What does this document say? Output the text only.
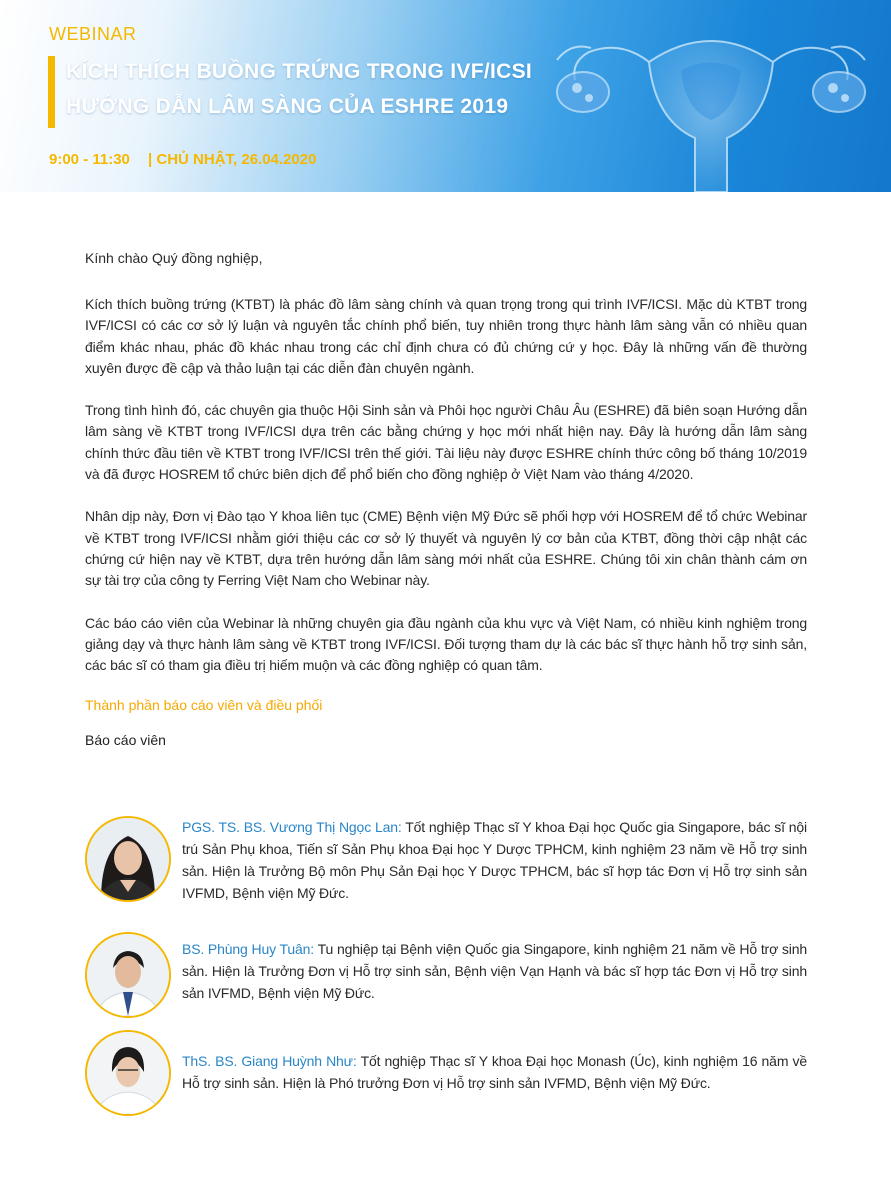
WEBINAR
KÍCH THÍCH BUỒNG TRỨNG TRONG IVF/ICSI
HƯỚNG DẪN LÂM SÀNG CỦA ESHRE 2019
9:00 - 11:30 | CHỦ NHẬT, 26.04.2020

Kính chào Quý đồng nghiệp,

Kích thích buồng trứng (KTBT) là phác đồ lâm sàng chính và quan trọng trong qui trình IVF/ICSI. Mặc dù KTBT trong IVF/ICSI có các cơ sở lý luận và nguyên tắc chính phổ biến, tuy nhiên trong thực hành lâm sàng vẫn có nhiều quan điểm khác nhau, phác đồ khác nhau trong các chỉ định chưa có đủ chứng cứ y học. Đây là những vấn đề thường xuyên được đề cập và thảo luận tại các diễn đàn chuyên ngành.

Trong tình hình đó, các chuyên gia thuộc Hội Sinh sản và Phôi học người Châu Âu (ESHRE) đã biên soạn Hướng dẫn lâm sàng về KTBT trong IVF/ICSI dựa trên các bằng chứng y học mới nhất hiện nay. Đây là hướng dẫn lâm sàng chính thức đầu tiên về KTBT trong IVF/ICSI trên thế giới. Tài liệu này được ESHRE chính thức công bố tháng 10/2019 và đã được HOSREM tổ chức biên dịch để phổ biến cho đồng nghiệp ở Việt Nam vào tháng 4/2020.

Nhân dịp này, Đơn vị Đào tạo Y khoa liên tục (CME) Bệnh viện Mỹ Đức sẽ phối hợp với HOSREM để tổ chức Webinar về KTBT trong IVF/ICSI nhằm giới thiệu các cơ sở lý thuyết và nguyên lý cơ bản của KTBT, đồng thời cập nhật các chứng cứ hiện nay về KTBT, dựa trên hướng dẫn lâm sàng mới nhất của ESHRE. Chúng tôi xin chân thành cám ơn sự tài trợ của công ty Ferring Việt Nam cho Webinar này.

Các báo cáo viên của Webinar là những chuyên gia đầu ngành của khu vực và Việt Nam, có nhiều kinh nghiệm trong giảng dạy và thực hành lâm sàng về KTBT trong IVF/ICSI. Đối tượng tham dự là các bác sĩ thực hành hỗ trợ sinh sản, các bác sĩ có tham gia điều trị hiếm muộn và các đồng nghiệp có quan tâm.

Thành phần báo cáo viên và điều phối
Báo cáo viên
PGS. TS. BS. Vương Thị Ngọc Lan: Tốt nghiệp Thạc sĩ Y khoa Đại học Quốc gia Singapore, bác sĩ nội trú Sản Phụ khoa, Tiến sĩ Sản Phụ khoa Đại học Y Dược TPHCM, kinh nghiệm 23 năm về Hỗ trợ sinh sản. Hiện là Trưởng Bộ môn Phụ Sản Đại học Y Dược TPHCM, bác sĩ hợp tác Đơn vị Hỗ trợ sinh sản IVFMD, Bệnh viện Mỹ Đức.
BS. Phùng Huy Tuân: Tu nghiệp tại Bệnh viện Quốc gia Singapore, kinh nghiệm 21 năm về Hỗ trợ sinh sản. Hiện là Trưởng Đơn vị Hỗ trợ sinh sản, Bệnh viện Vạn Hạnh và bác sĩ hợp tác Đơn vị Hỗ trợ sinh sản IVFMD, Bệnh viện Mỹ Đức.
ThS. BS. Giang Huỳnh Như: Tốt nghiệp Thạc sĩ Y khoa Đại học Monash (Úc), kinh nghiệm 16 năm về Hỗ trợ sinh sản. Hiện là Phó trưởng Đơn vị Hỗ trợ sinh sản IVFMD, Bệnh viện Mỹ Đức.
